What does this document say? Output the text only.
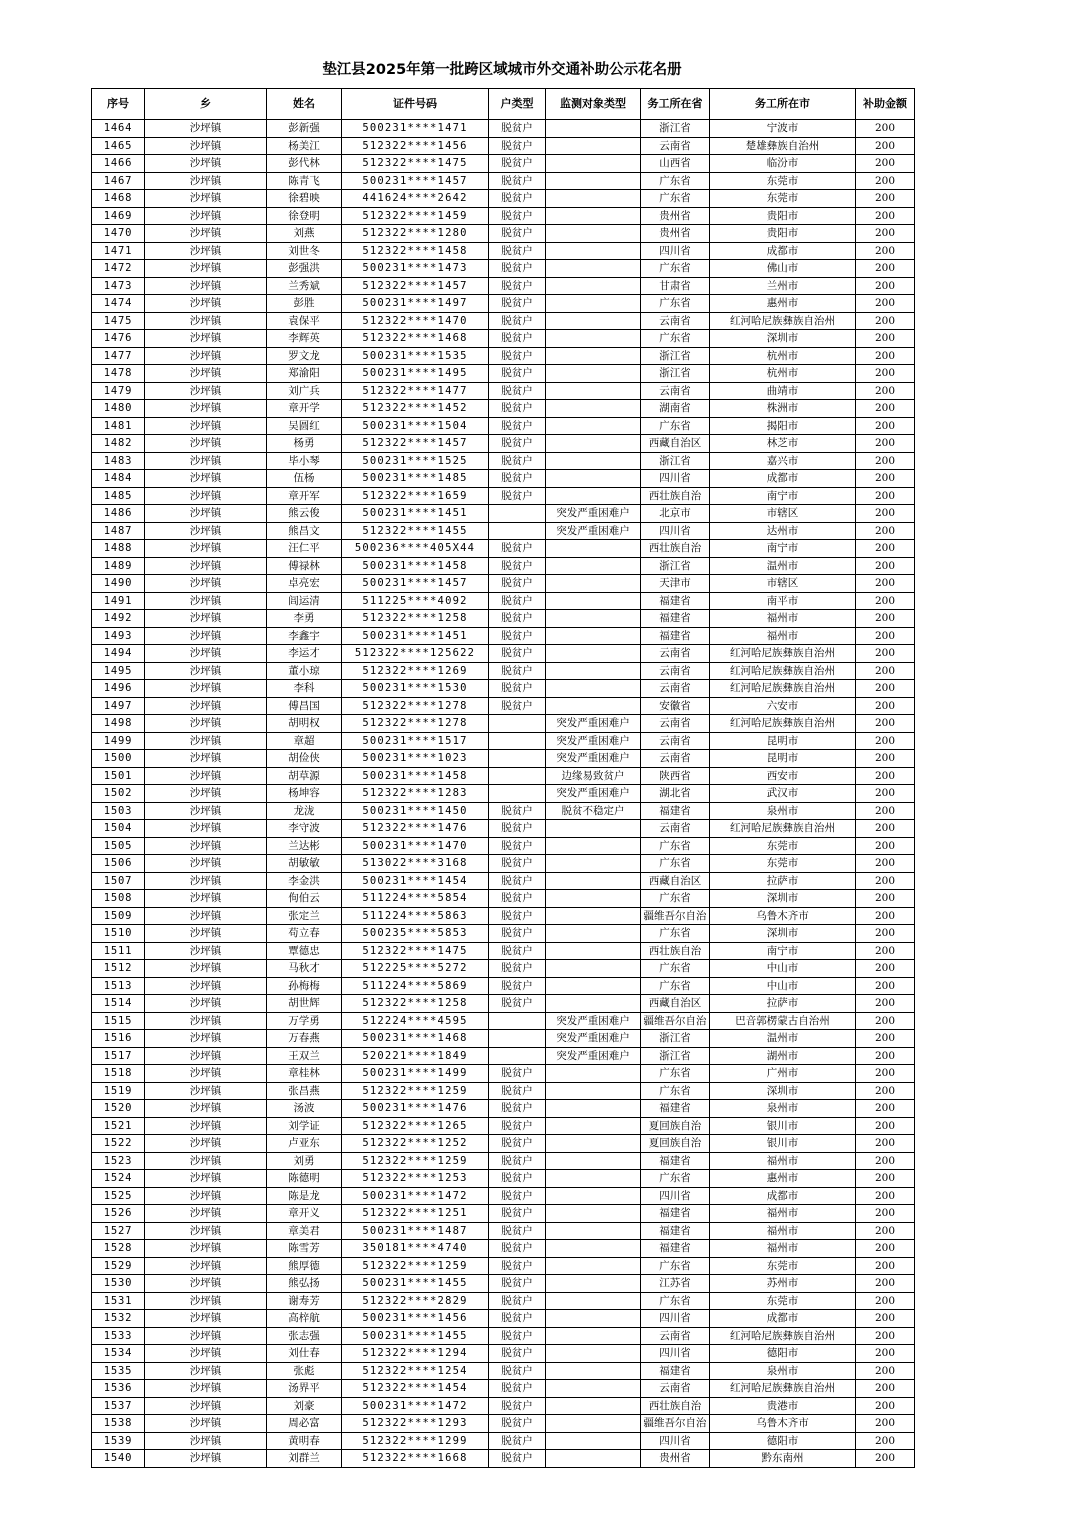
垫江县2025年第一批跨区域城市外交通补助公示花名册
序号	乡	姓名	证件号码	户类型	监测对象类型	务工所在省	务工所在市	补助金额
1464	沙坪镇	彭新强	500231****1471	脱贫户		浙江省	宁波市	200
1465	沙坪镇	杨美江	512322****1456	脱贫户		云南省	楚雄彝族自治州	200
1466	沙坪镇	彭代林	512322****1475	脱贫户		山西省	临汾市	200
1467	沙坪镇	陈青飞	500231****1457	脱贫户		广东省	东莞市	200
1468	沙坪镇	徐碧映	441624****2642	脱贫户		广东省	东莞市	200
1469	沙坪镇	徐登明	512322****1459	脱贫户		贵州省	贵阳市	200
1470	沙坪镇	刘燕	512322****1280	脱贫户		贵州省	贵阳市	200
1471	沙坪镇	刘世冬	512322****1458	脱贫户		四川省	成都市	200
1472	沙坪镇	彭强洪	500231****1473	脱贫户		广东省	佛山市	200
1473	沙坪镇	兰秀斌	512322****1457	脱贫户		甘肃省	兰州市	200
1474	沙坪镇	彭胜	500231****1497	脱贫户		广东省	惠州市	200
1475	沙坪镇	袁保平	512322****1470	脱贫户		云南省	红河哈尼族彝族自治州	200
1476	沙坪镇	李辉英	512322****1468	脱贫户		广东省	深圳市	200
1477	沙坪镇	罗文龙	500231****1535	脱贫户		浙江省	杭州市	200
1478	沙坪镇	郑渝阳	500231****1495	脱贫户		浙江省	杭州市	200
1479	沙坪镇	刘广兵	512322****1477	脱贫户		云南省	曲靖市	200
1480	沙坪镇	章开学	512322****1452	脱贫户		湖南省	株洲市	200
1481	沙坪镇	吴圆红	500231****1504	脱贫户		广东省	揭阳市	200
1482	沙坪镇	杨勇	512322****1457	脱贫户		西藏自治区	林芝市	200
1483	沙坪镇	毕小琴	500231****1525	脱贫户		浙江省	嘉兴市	200
1484	沙坪镇	伍杨	500231****1485	脱贫户		四川省	成都市	200
1485	沙坪镇	章开军	512322****1659	脱贫户		西壮族自治	南宁市	200
1486	沙坪镇	熊云俊	500231****1451		突发严重困难户	北京市	市辖区	200
1487	沙坪镇	熊昌文	512322****1455		突发严重困难户	四川省	达州市	200
1488	沙坪镇	汪仁平	500236****405X44	脱贫户		西壮族自治	南宁市	200
1489	沙坪镇	傅禄林	500231****1458	脱贫户		浙江省	温州市	200
1490	沙坪镇	卓亮宏	500231****1457	脱贫户		天津市	市辖区	200
1491	沙坪镇	闾运清	511225****4092	脱贫户		福建省	南平市	200
1492	沙坪镇	李勇	512322****1258	脱贫户		福建省	福州市	200
1493	沙坪镇	李鑫宇	500231****1451	脱贫户		福建省	福州市	200
1494	沙坪镇	李运才	512322****125622	脱贫户		云南省	红河哈尼族彝族自治州	200
1495	沙坪镇	董小琼	512322****1269	脱贫户		云南省	红河哈尼族彝族自治州	200
1496	沙坪镇	李科	500231****1530	脱贫户		云南省	红河哈尼族彝族自治州	200
1497	沙坪镇	傅昌国	512322****1278	脱贫户		安徽省	六安市	200
1498	沙坪镇	胡明权	512322****1278		突发严重困难户	云南省	红河哈尼族彝族自治州	200
1499	沙坪镇	章超	500231****1517		突发严重困难户	云南省	昆明市	200
1500	沙坪镇	胡俭侠	500231****1023		突发严重困难户	云南省	昆明市	200
1501	沙坪镇	胡草源	500231****1458		边缘易致贫户	陕西省	西安市	200
1502	沙坪镇	杨坤容	512322****1283		突发严重困难户	湖北省	武汉市	200
1503	沙坪镇	龙泷	500231****1450	脱贫户	脱贫不稳定户	福建省	泉州市	200
1504	沙坪镇	李守波	512322****1476	脱贫户		云南省	红河哈尼族彝族自治州	200
1505	沙坪镇	兰达彬	500231****1470	脱贫户		广东省	东莞市	200
1506	沙坪镇	胡敏敏	513022****3168	脱贫户		广东省	东莞市	200
1507	沙坪镇	李金洪	500231****1454	脱贫户		西藏自治区	拉萨市	200
1508	沙坪镇	佝伯云	511224****5854	脱贫户		广东省	深圳市	200
1509	沙坪镇	张定兰	511224****5863	脱贫户		疆维吾尔自治	乌鲁木齐市	200
1510	沙坪镇	苟立春	500235****5853	脱贫户		广东省	深圳市	200
1511	沙坪镇	覃德忠	512322****1475	脱贫户		西壮族自治	南宁市	200
1512	沙坪镇	马秋才	512225****5272	脱贫户		广东省	中山市	200
1513	沙坪镇	孙梅梅	511224****5869	脱贫户		广东省	中山市	200
1514	沙坪镇	胡世辉	512322****1258	脱贫户		西藏自治区	拉萨市	200
1515	沙坪镇	万学勇	512224****4595		突发严重困难户	疆维吾尔自治	巴音郭楞蒙古自治州	200
1516	沙坪镇	万春燕	500231****1468		突发严重困难户	浙江省	温州市	200
1517	沙坪镇	王双兰	520221****1849		突发严重困难户	浙江省	湖州市	200
1518	沙坪镇	章桂林	500231****1499	脱贫户		广东省	广州市	200
1519	沙坪镇	张昌燕	512322****1259	脱贫户		广东省	深圳市	200
1520	沙坪镇	汤波	500231****1476	脱贫户		福建省	泉州市	200
1521	沙坪镇	刘学证	512322****1265	脱贫户		夏回族自治	银川市	200
1522	沙坪镇	卢亚东	512322****1252	脱贫户		夏回族自治	银川市	200
1523	沙坪镇	刘勇	512322****1259	脱贫户		福建省	福州市	200
1524	沙坪镇	陈德明	512322****1253	脱贫户		广东省	惠州市	200
1525	沙坪镇	陈是龙	500231****1472	脱贫户		四川省	成都市	200
1526	沙坪镇	章开义	512322****1251	脱贫户		福建省	福州市	200
1527	沙坪镇	章美君	500231****1487	脱贫户		福建省	福州市	200
1528	沙坪镇	陈雪芳	350181****4740	脱贫户		福建省	福州市	200
1529	沙坪镇	熊厚德	512322****1259	脱贫户		广东省	东莞市	200
1530	沙坪镇	熊弘扬	500231****1455	脱贫户		江苏省	苏州市	200
1531	沙坪镇	谢寿芳	512322****2829	脱贫户		广东省	东莞市	200
1532	沙坪镇	高梓航	500231****1456	脱贫户		四川省	成都市	200
1533	沙坪镇	张志强	500231****1455	脱贫户		云南省	红河哈尼族彝族自治州	200
1534	沙坪镇	刘仕春	512322****1294	脱贫户		四川省	德阳市	200
1535	沙坪镇	张彪	512322****1254	脱贫户		福建省	泉州市	200
1536	沙坪镇	汤界平	512322****1454	脱贫户		云南省	红河哈尼族彝族自治州	200
1537	沙坪镇	刘豪	500231****1472	脱贫户		西壮族自治	贵港市	200
1538	沙坪镇	周必富	512322****1293	脱贫户		疆维吾尔自治	乌鲁木齐市	200
1539	沙坪镇	黄明春	512322****1299	脱贫户		四川省	德阳市	200
1540	沙坪镇	刘群兰	512322****1668	脱贫户		贵州省	黔东南州	200
